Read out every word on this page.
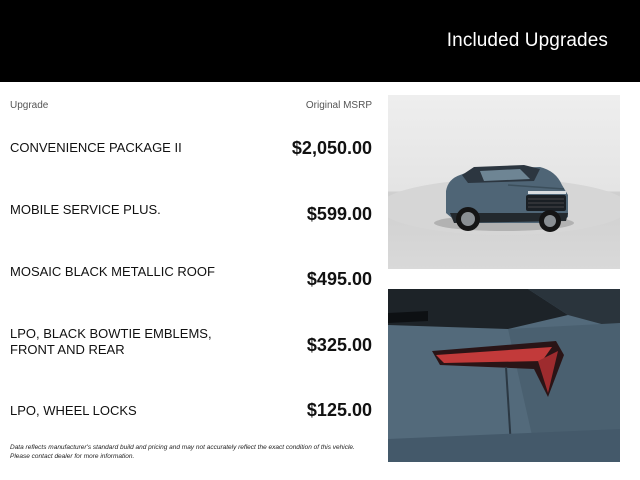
Included Upgrades
Upgrade	Original MSRP
CONVENIENCE PACKAGE II	$2,050.00
MOBILE SERVICE PLUS.	$599.00
MOSAIC BLACK METALLIC ROOF	$495.00
LPO, BLACK BOWTIE EMBLEMS,
FRONT AND REAR	$325.00
LPO, WHEEL LOCKS	$125.00
Data reflects manufacturer's standard build and pricing and may not accurately reflect the exact condition of this vehicle.
Please contact dealer for more information.
